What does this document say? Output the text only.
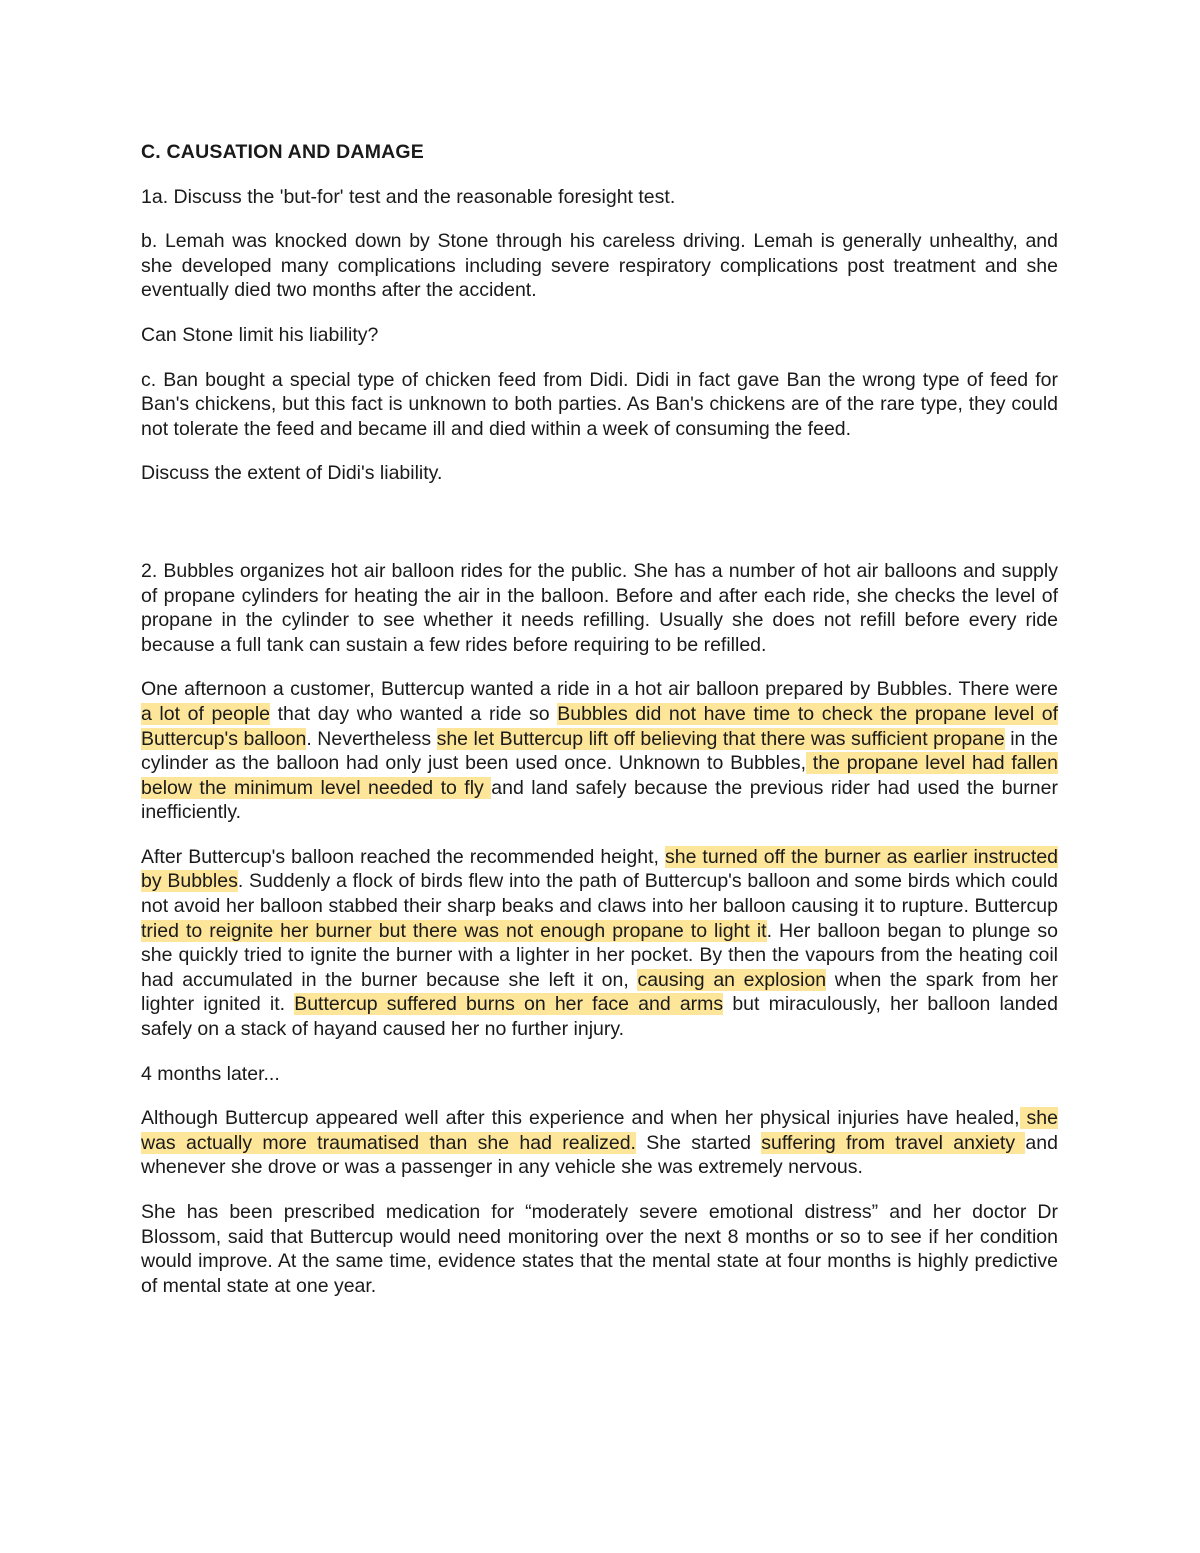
C. CAUSATION AND DAMAGE

1a. Discuss the 'but-for' test and the reasonable foresight test.

b. Lemah was knocked down by Stone through his careless driving. Lemah is generally unhealthy, and she developed many complications including severe respiratory complications post treatment and she eventually died two months after the accident.

Can Stone limit his liability?

c. Ban bought a special type of chicken feed from Didi. Didi in fact gave Ban the wrong type of feed for Ban's chickens, but this fact is unknown to both parties. As Ban's chickens are of the rare type, they could not tolerate the feed and became ill and died within a week of consuming the feed.

Discuss the extent of Didi's liability.

2. Bubbles organizes hot air balloon rides for the public. She has a number of hot air balloons and supply of propane cylinders for heating the air in the balloon. Before and after each ride, she checks the level of propane in the cylinder to see whether it needs refilling. Usually she does not refill before every ride because a full tank can sustain a few rides before requiring to be refilled.

One afternoon a customer, Buttercup wanted a ride in a hot air balloon prepared by Bubbles. There were a lot of people that day who wanted a ride so Bubbles did not have time to check the propane level of Buttercup's balloon. Nevertheless she let Buttercup lift off believing that there was sufficient propane in the cylinder as the balloon had only just been used once. Unknown to Bubbles, the propane level had fallen below the minimum level needed to fly and land safely because the previous rider had used the burner inefficiently.

After Buttercup's balloon reached the recommended height, she turned off the burner as earlier instructed by Bubbles. Suddenly a flock of birds flew into the path of Buttercup's balloon and some birds which could not avoid her balloon stabbed their sharp beaks and claws into her balloon causing it to rupture. Buttercup tried to reignite her burner but there was not enough propane to light it. Her balloon began to plunge so she quickly tried to ignite the burner with a lighter in her pocket. By then the vapours from the heating coil had accumulated in the burner because she left it on, causing an explosion when the spark from her lighter ignited it. Buttercup suffered burns on her face and arms but miraculously, her balloon landed safely on a stack of hayand caused her no further injury.

4 months later...

Although Buttercup appeared well after this experience and when her physical injuries have healed, she was actually more traumatised than she had realized. She started suffering from travel anxiety and whenever she drove or was a passenger in any vehicle she was extremely nervous.

She has been prescribed medication for “moderately severe emotional distress” and her doctor Dr Blossom, said that Buttercup would need monitoring over the next 8 months or so to see if her condition would improve. At the same time, evidence states that the mental state at four months is highly predictive of mental state at one year.
